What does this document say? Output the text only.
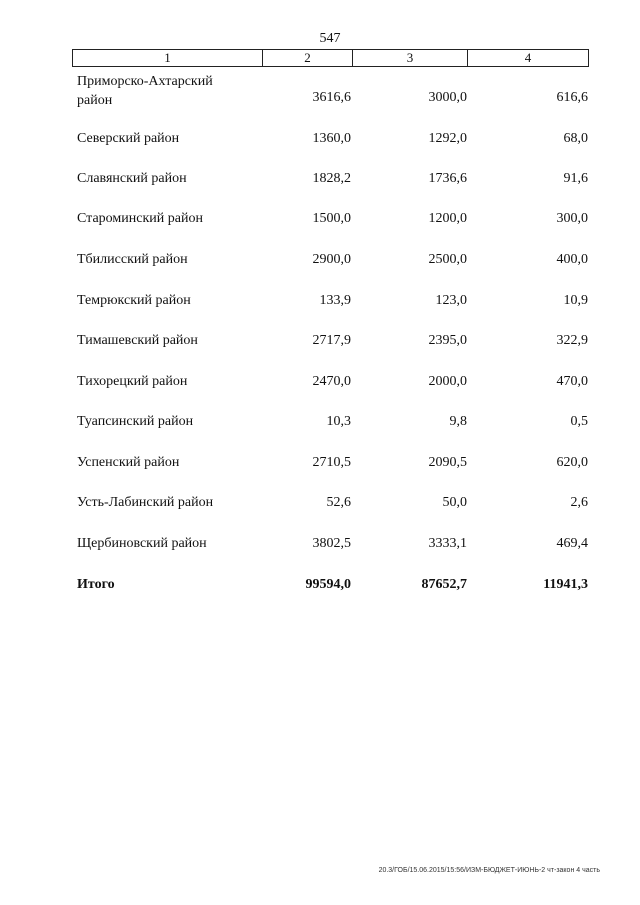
547
1	2	3	4
Приморско-Ахтарский
район	3616,6	3000,0	616,6
Северский район	1360,0	1292,0	68,0
Славянский район	1828,2	1736,6	91,6
Староминский район	1500,0	1200,0	300,0
Тбилисский район	2900,0	2500,0	400,0
Темрюкский район	133,9	123,0	10,9
Тимашевский район	2717,9	2395,0	322,9
Тихорецкий район	2470,0	2000,0	470,0
Туапсинский район	10,3	9,8	0,5
Успенский район	2710,5	2090,5	620,0
Усть-Лабинский район	52,6	50,0	2,6
Щербиновский район	3802,5	3333,1	469,4
Итого	99594,0	87652,7	11941,3
20.3/ГОБ/15.06.2015/15:56/ИЗМ-БЮДЖЕТ-ИЮНЬ-2 чт-закон 4 часть
